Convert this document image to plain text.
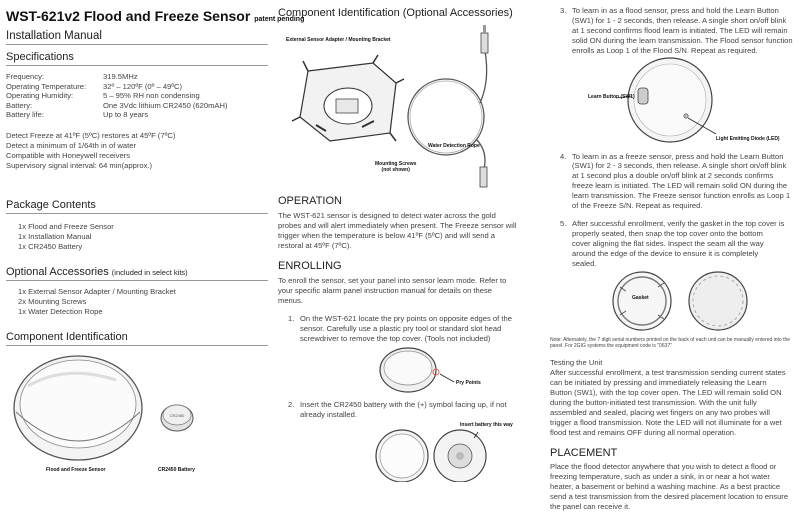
WST-621v2 Flood and Freeze Sensor patent pending
Installation Manual
Specifications
Frequency:	319.5MHz
Operating Temperature:	32º – 120ºF (0º – 49ºC)
Operating Humidity:	5 – 95% RH non condensing
Battery:	One 3Vdc lithium CR2450 (620mAH)
Battery life:	Up to 8 years
Detect Freeze at 41ºF (5ºC) restores at 45ºF (7ºC)
Detect a minimum of 1/64th in of water
Compatible with Honeywell receivers
Supervisory signal interval: 64 min(approx.)
Package Contents
1x Flood and Freeze Sensor
1x Installation Manual
1x CR2450 Battery
Optional Accessories (included in select kits)
1x External Sensor Adapter / Mounting Bracket
2x Mounting Screws
1x Water Detection Rope
Component Identification
CR2450
Flood and Freeze Sensor	CR2450 Battery
Component Identification (Optional Accessories)
External Sensor Adapter / Mounting Bracket
Water Detection Rope
Mounting Screws
(not shown)
OPERATION
The WST-621 sensor is designed to detect water across the gold
probes and will alert immediately when present. The Freeze sensor will
trigger when the temperature is below 41ºF (5ºC) and will send a
restoral at 45ºF (7ºC).
ENROLLING
To enroll the sensor, set your panel into sensor learn mode. Refer to
your specific alarm panel instruction manual for details on these
menus.
1. On the WST-621 locate the pry points on opposite edges of the
sensor. Carefully use a plastic pry tool or standard slot head
screwdriver to remove the top cover. (Tools not included)
Pry Points
2. Insert the CR2450 battery with the (+) symbol facing up, if not
already installed.
Insert battery this way
3. To learn in as a flood sensor, press and hold the Learn Button
(SW1) for 1 - 2 seconds, then release. A single short on/off blink
at 1 second confirms flood learn is initiated. The LED will remain
solid ON during the learn transmission. The Flood sensor function
enrolls as Loop 1 of the Flood S/N. Repeat as required.
Learn Button (SW1)
Light Emitting Diode (LED)
4. To learn in as a freeze sensor, press and hold the Learn Button
(SW1) for 2 - 3 seconds, then release. A single short on/off blink
at 1 second plus a double on/off blink at 2 seconds confirms
freeze learn is initiated. The LED will remain solid ON during the
learn transmission. The Freeze sensor function enrolls as Loop 1
of the Freeze S/N. Repeat as required.
5. After successful enrollment, verify the gasket in the top cover is
properly seated, then snap the top cover onto the bottom
cover aligning the flat sides. Inspect the seam all the way
around the edge of the device to ensure it is completely
sealed.
Gasket
Note: Alternately, the 7 digit serial numbers printed on the back of each unit can be manually entered into the
panel. For 2GIG systems the equipment code is "0637"
Testing the Unit
After successful enrollment, a test transmission sending current states
can be initiated by pressing and immediately releasing the Learn
Button (SW1), with the top cover open. The LED will remain solid ON
during the button-initiated test transmission. With the unit fully
assembled and sealed, placing wet fingers on any two probes will
trigger a flood transmission. Note the LED will not illuminate for a wet
flood test and remains OFF during all normal operation.
PLACEMENT
Place the flood detector anywhere that you wish to detect a flood or
freezing temperature, such as under a sink, in or near a hot water
heater, a basement or behind a washing machine. As a best practice
send a test transmission from the desired placement location to ensure
the panel can receive it.
